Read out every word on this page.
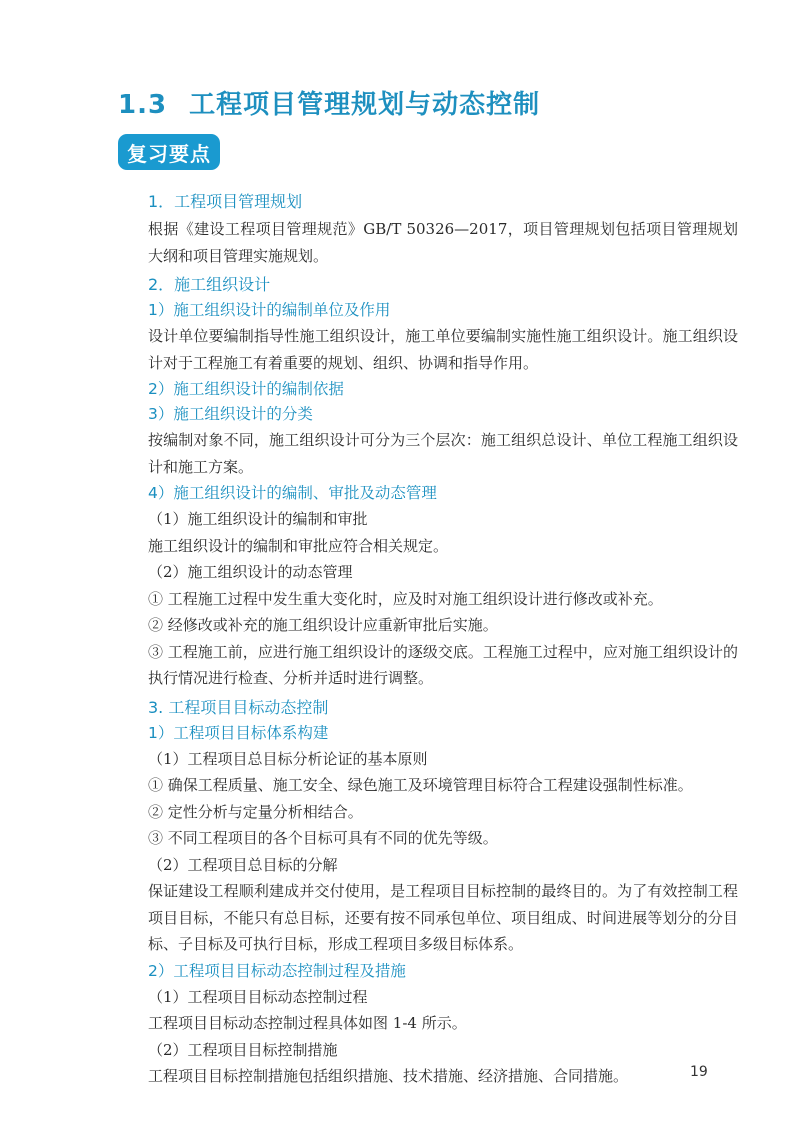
1.3 工程项目管理规划与动态控制
复习要点
1．工程项目管理规划
根据《建设工程项目管理规范》GB/T 50326—2017，项目管理规划包括项目管理规划大纲和项目管理实施规划。
2．施工组织设计
1）施工组织设计的编制单位及作用
设计单位要编制指导性施工组织设计，施工单位要编制实施性施工组织设计。施工组织设计对于工程施工有着重要的规划、组织、协调和指导作用。
2）施工组织设计的编制依据
3）施工组织设计的分类
按编制对象不同，施工组织设计可分为三个层次：施工组织总设计、单位工程施工组织设计和施工方案。
4）施工组织设计的编制、审批及动态管理
（1）施工组织设计的编制和审批
施工组织设计的编制和审批应符合相关规定。
（2）施工组织设计的动态管理
① 工程施工过程中发生重大变化时，应及时对施工组织设计进行修改或补充。
② 经修改或补充的施工组织设计应重新审批后实施。
③ 工程施工前，应进行施工组织设计的逐级交底。工程施工过程中，应对施工组织设计的执行情况进行检查、分析并适时进行调整。
3. 工程项目目标动态控制
1）工程项目目标体系构建
（1）工程项目总目标分析论证的基本原则
① 确保工程质量、施工安全、绿色施工及环境管理目标符合工程建设强制性标准。
② 定性分析与定量分析相结合。
③ 不同工程项目的各个目标可具有不同的优先等级。
（2）工程项目总目标的分解
保证建设工程顺利建成并交付使用，是工程项目目标控制的最终目的。为了有效控制工程项目目标，不能只有总目标，还要有按不同承包单位、项目组成、时间进展等划分的分目标、子目标及可执行目标，形成工程项目多级目标体系。
2）工程项目目标动态控制过程及措施
（1）工程项目目标动态控制过程
工程项目目标动态控制过程具体如图 1-4 所示。
（2）工程项目目标控制措施
工程项目目标控制措施包括组织措施、技术措施、经济措施、合同措施。	19
